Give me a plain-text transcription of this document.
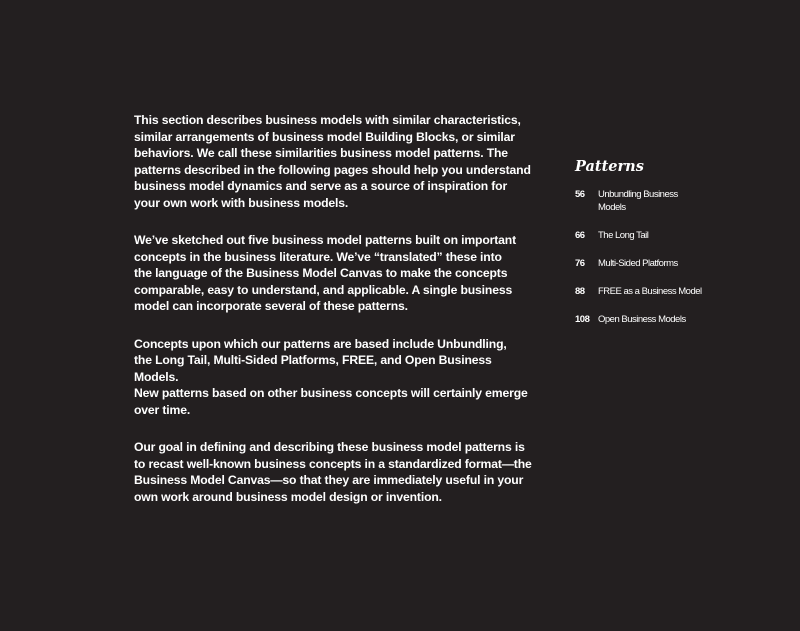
This section describes business models with similar characteristics,
similar arrangements of business model Building Blocks, or similar
behaviors. We call these similarities business model patterns. The
patterns described in the following pages should help you understand
business model dynamics and serve as a source of inspiration for
your own work with business models.

We’ve sketched out five business model patterns built on important
concepts in the business literature. We’ve “translated” these into
the language of the Business Model Canvas to make the concepts
comparable, easy to understand, and applicable. A single business
model can incorporate several of these patterns.

Concepts upon which our patterns are based include Unbundling,
the Long Tail, Multi-Sided Platforms, FREE, and Open Business Models.
New patterns based on other business concepts will certainly emerge
over time.

Our goal in defining and describing these business model patterns is
to recast well-known business concepts in a standardized format—the
Business Model Canvas—so that they are immediately useful in your
own work around business model design or invention.

Patterns
56	Unbundling Business
Models
66	The Long Tail
76	Multi-Sided Platforms
88	FREE as a Business Model
108 Open Business Models
